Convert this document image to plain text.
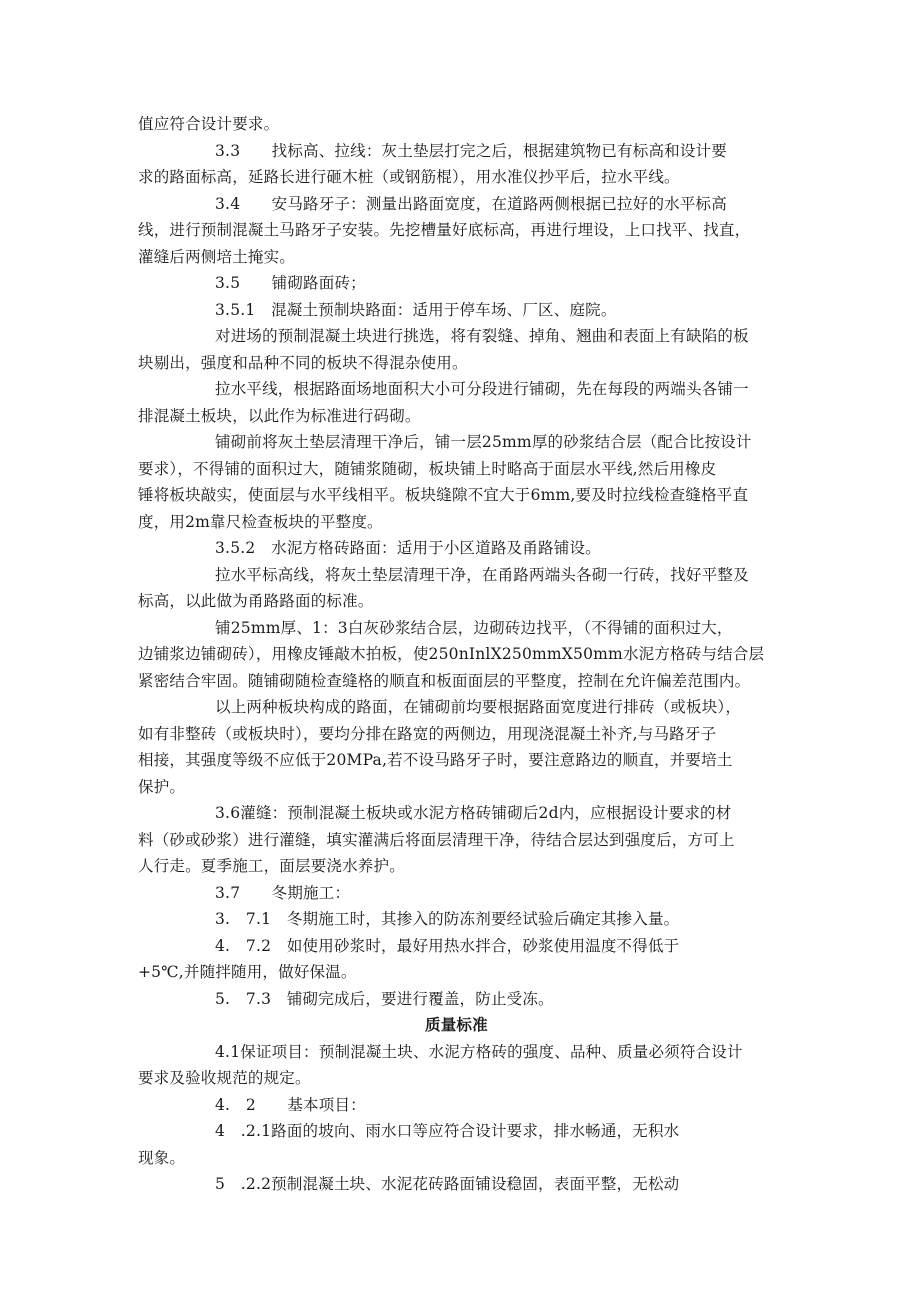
值应符合设计要求。

3.3　　找标高、拉线：灰土垫层打完之后，根据建筑物已有标高和设计要

求的路面标高，延路长进行砸木桩（或钢筋棍），用水准仪抄平后，拉水平线。

3.4　　安马路牙子：测量出路面宽度，在道路两侧根据已拉好的水平标高

线，进行预制混凝土马路牙子安装。先挖槽量好底标高，再进行埋设，上口找平、找直，

灌缝后两侧培土掩实。

3.5　　铺砌路面砖；

3.5.1　混凝土预制块路面：适用于停车场、厂区、庭院。

对进场的预制混凝土块进行挑选，将有裂缝、掉角、翘曲和表面上有缺陷的板

块剔出，强度和品种不同的板块不得混杂使用。

拉水平线，根据路面场地面积大小可分段进行铺砌，先在每段的两端头各铺一

排混凝土板块，以此作为标准进行码砌。

铺砌前将灰土垫层清理干净后，铺一层25mm厚的砂浆结合层（配合比按设计

要求），不得铺的面积过大，随铺浆随砌，板块铺上时略高于面层水平线,然后用橡皮

锤将板块敲实，使面层与水平线相平。板块缝隙不宜大于6mm,要及时拉线检查缝格平直

度，用2m靠尺检查板块的平整度。

3.5.2　水泥方格砖路面：适用于小区道路及甬路铺设。

拉水平标高线，将灰土垫层清理干净，在甬路两端头各砌一行砖，找好平整及

标高，以此做为甬路路面的标准。

铺25mm厚、1：3白灰砂浆结合层，边砌砖边找平，（不得铺的面积过大，

边铺浆边铺砌砖），用橡皮锤敲木拍板，使250nInlX250mmX50mm水泥方格砖与结合层

紧密结合牢固。随铺砌随检查缝格的顺直和板面面层的平整度，控制在允许偏差范围内。

以上两种板块构成的路面，在铺砌前均要根据路面宽度进行排砖（或板块），

如有非整砖（或板块时），要均分排在路宽的两侧边，用现浇混凝土补齐,与马路牙子

相接，其强度等级不应低于20MPa,若不设马路牙子时，要注意路边的顺直，并要培土

保护。

3.6灌缝：预制混凝土板块或水泥方格砖铺砌后2d内，应根据设计要求的材

料（砂或砂浆）进行灌缝，填实灌满后将面层清理干净，待结合层达到强度后，方可上

人行走。夏季施工，面层要浇水养护。

3.7　　冬期施工：

3.　7.1　冬期施工时，其掺入的防冻剂要经试验后确定其掺入量。

4.　7.2　如使用砂浆时，最好用热水拌合，砂浆使用温度不得低于

+5℃,并随拌随用，做好保温。

5.　7.3　铺砌完成后，要进行覆盖，防止受冻。

质量标准

4.1保证项目：预制混凝土块、水泥方格砖的强度、品种、质量必须符合设计

要求及验收规范的规定。

4.　2　　基本项目：

4　.2.1路面的坡向、雨水口等应符合设计要求，排水畅通，无积水

现象。

5　.2.2预制混凝土块、水泥花砖路面铺设稳固，表面平整，无松动
